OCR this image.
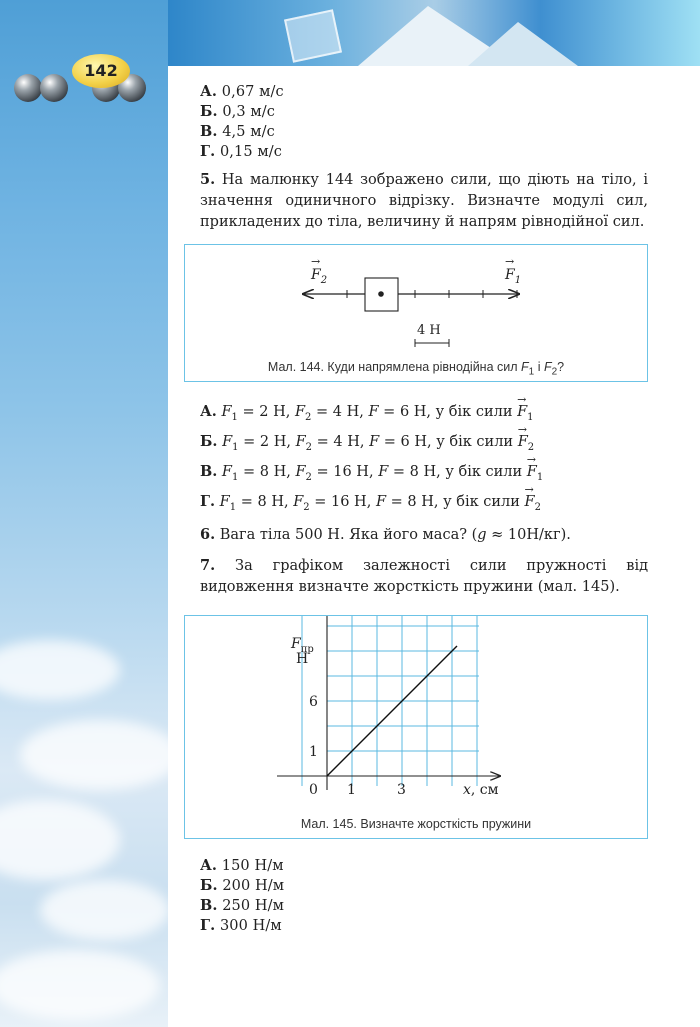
142
А. 0,67 м/с
Б. 0,3 м/с
В. 4,5 м/с
Г. 0,15 м/с
5. На малюнку 144 зображено сили, що діють на тіло, і значення одиничного відрізку. Визначте модулі сил, прикладених до тіла, величину й напрям рівнодійної сил.
→ $F_2$	→ $F_1$
4 Н
Мал. 144. Куди напрямлена рівнодійна сил $F_1$ і $F_2$?
А. $F_1 = 2$ Н, $F_2 = 4$ Н, F = 6 Н, у бік сили → $F_1$
Б. $F_1 = 2$ Н, $F_2 = 4$ Н, F = 6 Н, у бік сили → $F_2$
В. $F_1 = 8$ Н, $F_2 = 16$ Н, F = 8 Н, у бік сили → $F_1$
Г. $F_1 = 8$ Н, $F_2 = 16$ Н, F = 8 Н, у бік сили → $F_2$
6. Вага тіла 500 Н. Яка його маса? (g ≈ 10Н/кг).
7. За графіком залежності сили пружності від видовження визначте жорсткість пружини (мал. 145).
$F_{пр}$
Н
6
1
0 1	3	x, см
Мал. 145. Визначте жорсткість пружини
А. 150 Н/м
Б. 200 Н/м
В. 250 Н/м
Г. 300 Н/м
